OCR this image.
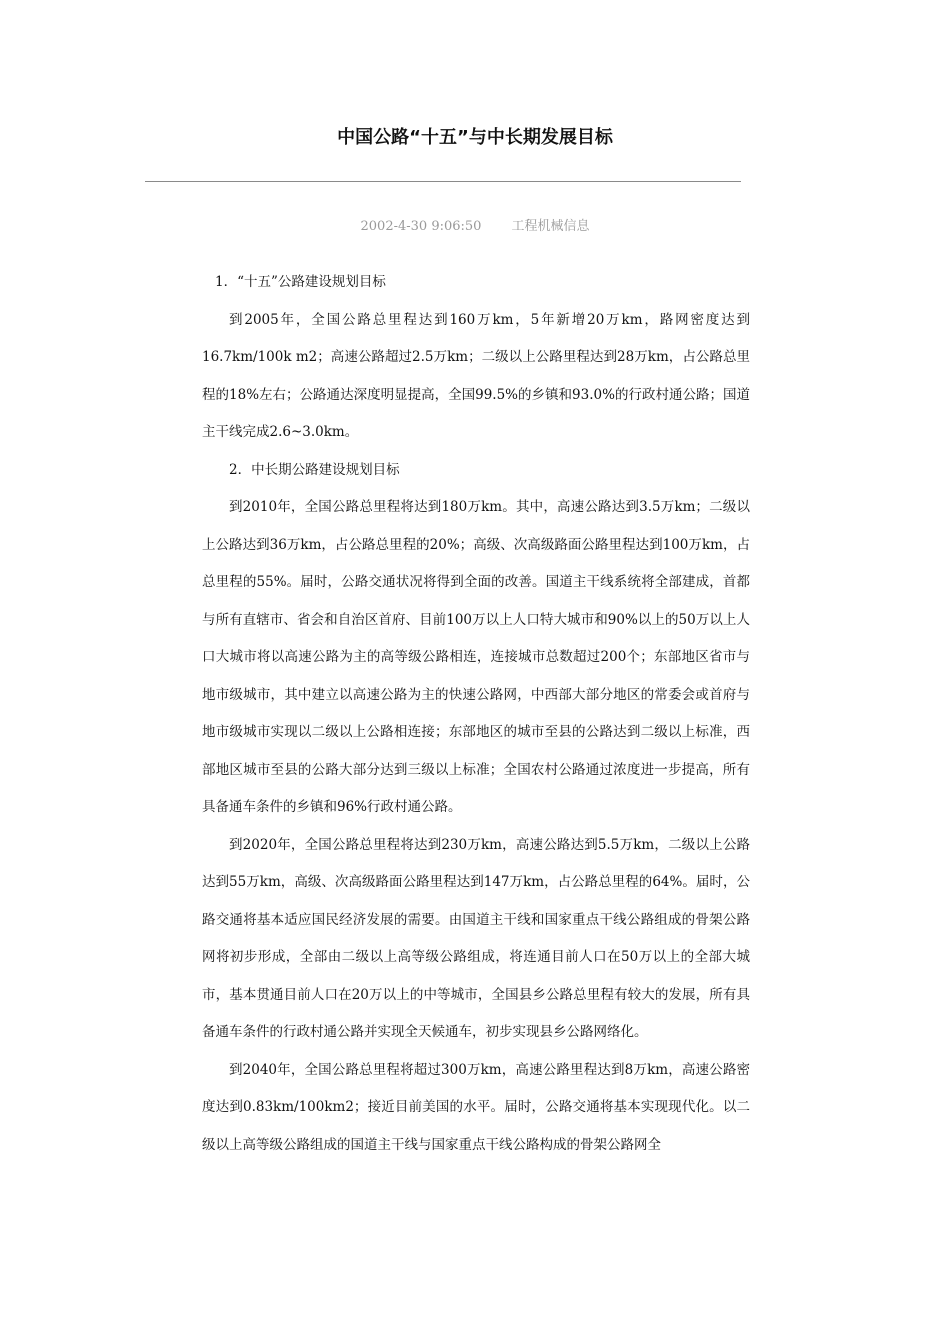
中国公路“十五”与中长期发展目标
2002-4-30 9:06:50 工程机械信息

1．“十五”公路建设规划目标

到2005年，全国公路总里程达到160万km，5年新增20万km，路网密度达到16.7km/100k m2；高速公路超过2.5万km；二级以上公路里程达到28万km，占公路总里程的18%左右；公路通达深度明显提高，全国99.5%的乡镇和93.0%的行政村通公路；国道主干线完成2.6~3.0km。

2．中长期公路建设规划目标

到2010年，全国公路总里程将达到180万km。其中，高速公路达到3.5万km；二级以上公路达到36万km，占公路总里程的20%；高级、次高级路面公路里程达到100万km，占总里程的55%。届时，公路交通状况将得到全面的改善。国道主干线系统将全部建成，首都与所有直辖市、省会和自治区首府、目前100万以上人口特大城市和90%以上的50万以上人口大城市将以高速公路为主的高等级公路相连，连接城市总数超过200个；东部地区省市与地市级城市，其中建立以高速公路为主的快速公路网，中西部大部分地区的常委会或首府与地市级城市实现以二级以上公路相连接；东部地区的城市至县的公路达到二级以上标准，西部地区城市至县的公路大部分达到三级以上标准；全国农村公路通过浓度进一步提高，所有具备通车条件的乡镇和96%行政村通公路。

到2020年，全国公路总里程将达到230万km，高速公路达到5.5万km，二级以上公路达到55万km，高级、次高级路面公路里程达到147万km，占公路总里程的64%。届时，公路交通将基本适应国民经济发展的需要。由国道主干线和国家重点干线公路组成的骨架公路网将初步形成，全部由二级以上高等级公路组成，将连通目前人口在50万以上的全部大城市，基本贯通目前人口在20万以上的中等城市，全国县乡公路总里程有较大的发展，所有具备通车条件的行政村通公路并实现全天候通车，初步实现县乡公路网络化。

到2040年，全国公路总里程将超过300万km，高速公路里程达到8万km，高速公路密度达到0.83km/100km2；接近目前美国的水平。届时，公路交通将基本实现现代化。以二级以上高等级公路组成的国道主干线与国家重点干线公路构成的骨架公路网全
